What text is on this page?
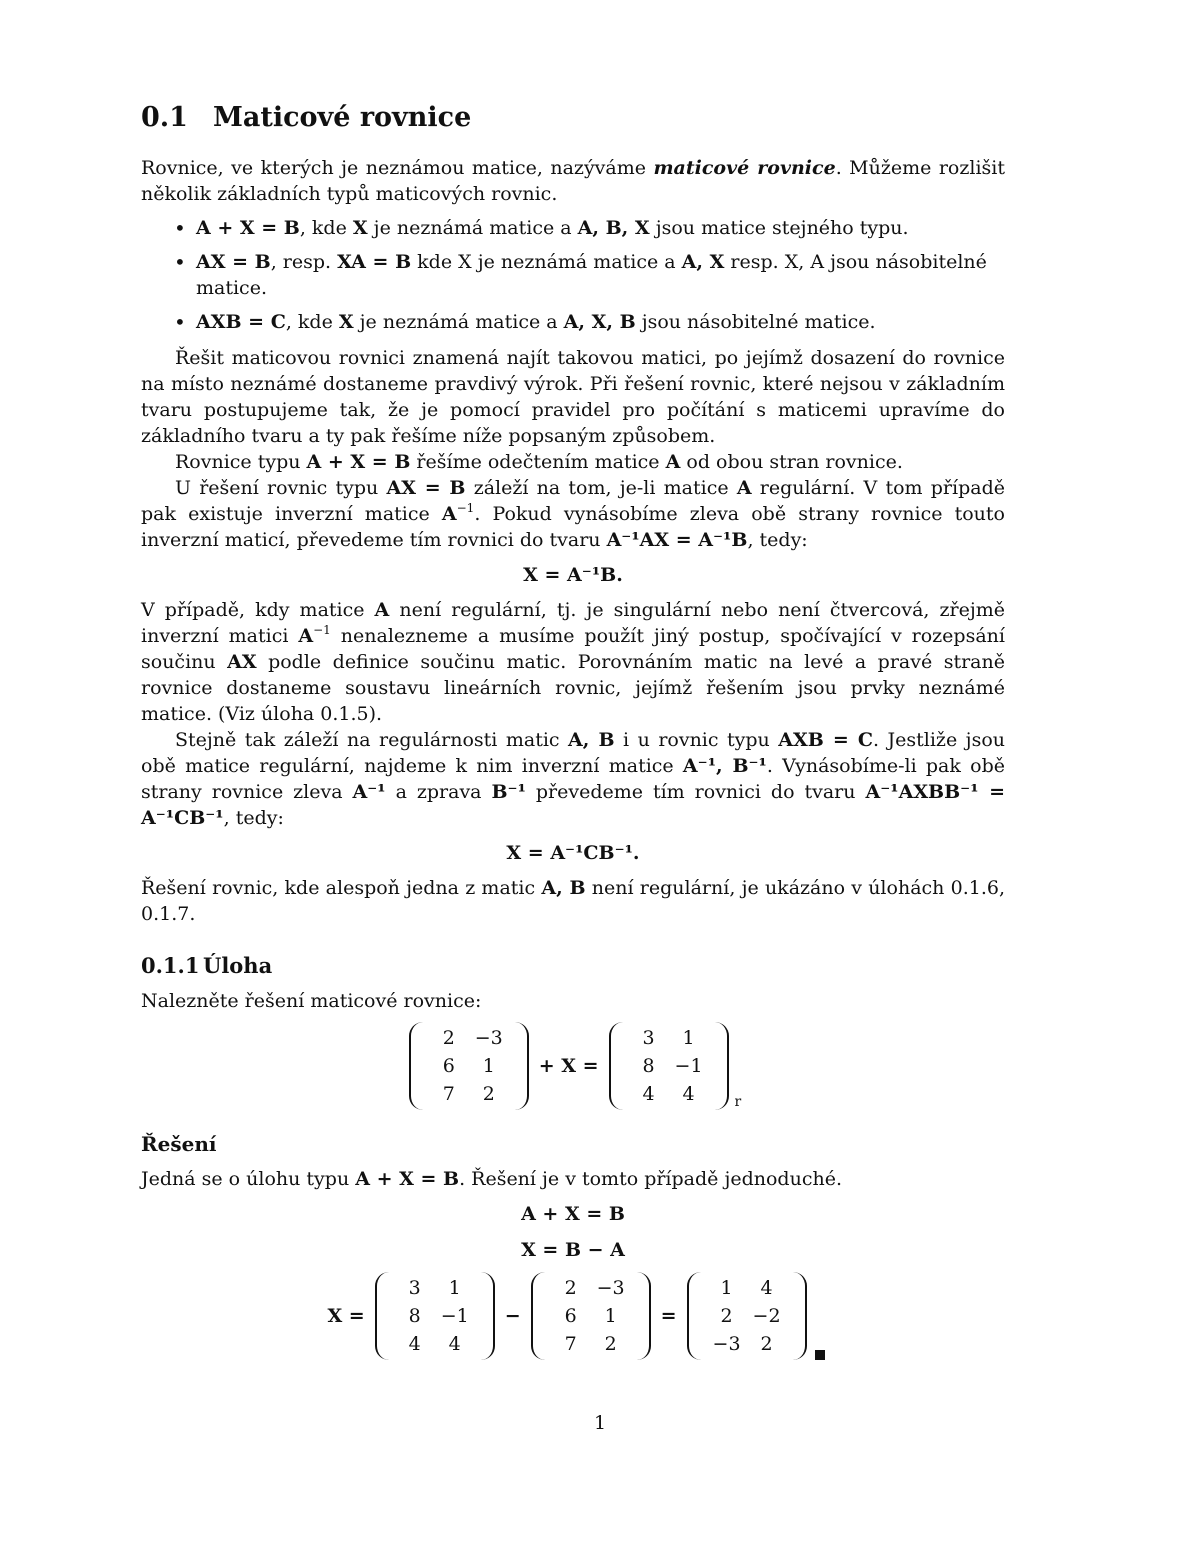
0.1 Maticové rovnice

Rovnice, ve kterých je neznámou matice, nazýváme maticové rovnice. Můžeme rozlišit několik základních typů maticových rovnic.

• A + X = B, kde X je neznámá matice a A, B, X jsou matice stejného typu.
• AX = B, resp. XA = B kde X je neznámá matice a A, X resp. X, A jsou násobitelné matice.
• AXB = C, kde X je neznámá matice a A, X, B jsou násobitelné matice.

Řešit maticovou rovnici znamená najít takovou matici, po jejímž dosazení do rovnice na místo neznámé dostaneme pravdivý výrok. Při řešení rovnic, které nejsou v základním tvaru postupujeme tak, že je pomocí pravidel pro počítání s maticemi upravíme do základního tvaru a ty pak řešíme níže popsaným způsobem.

Rovnice typu A + X = B řešíme odečtením matice A od obou stran rovnice.

U řešení rovnic typu AX = B záleží na tom, je-li matice A regulární. V tom případě pak existuje inverzní matice $A^{-1}$. Pokud vynásobíme zleva obě strany rovnice touto inverzní maticí, převedeme tím rovnici do tvaru A⁻¹AX = A⁻¹B, tedy:

X = A⁻¹B.

V případě, kdy matice A není regulární, tj. je singulární nebo není čtvercová, zřejmě inverzní matici $A^{-1}$ nenalezneme a musíme použít jiný postup, spočívající v rozepsání součinu AX podle definice součinu matic. Porovnáním matic na levé a pravé straně rovnice dostaneme soustavu lineárních rovnic, jejímž řešením jsou prvky neznámé matice. (Viz úloha 0.1.5).

Stejně tak záleží na regulárnosti matic A, B i u rovnic typu AXB = C. Jestliže jsou obě matice regulární, najdeme k nim inverzní matice A⁻¹, B⁻¹. Vynásobíme-li pak obě strany rovnice zleva A⁻¹ a zprava B⁻¹ převedeme tím rovnici do tvaru A⁻¹AXBB⁻¹ = A⁻¹CB⁻¹, tedy:

X = A⁻¹CB⁻¹.

Řešení rovnic, kde alespoň jedna z matic A, B není regulární, je ukázáno v úlohách 0.1.6, 0.1.7.

0.1.1 Úloha

Nalezněte řešení maticové rovnice:

2	−3
6	1
7	2
+ X =
3	1
8	−1
4	4	r
Řešení

Jedná se o úlohu typu A + X = B. Řešení je v tomto případě jednoduché.

A + X = B
X = B − A
X =
3	1
8	−1
4	4
−
2	−3
6	1
7	2
=
1	4
2	−2
−3	2
1
